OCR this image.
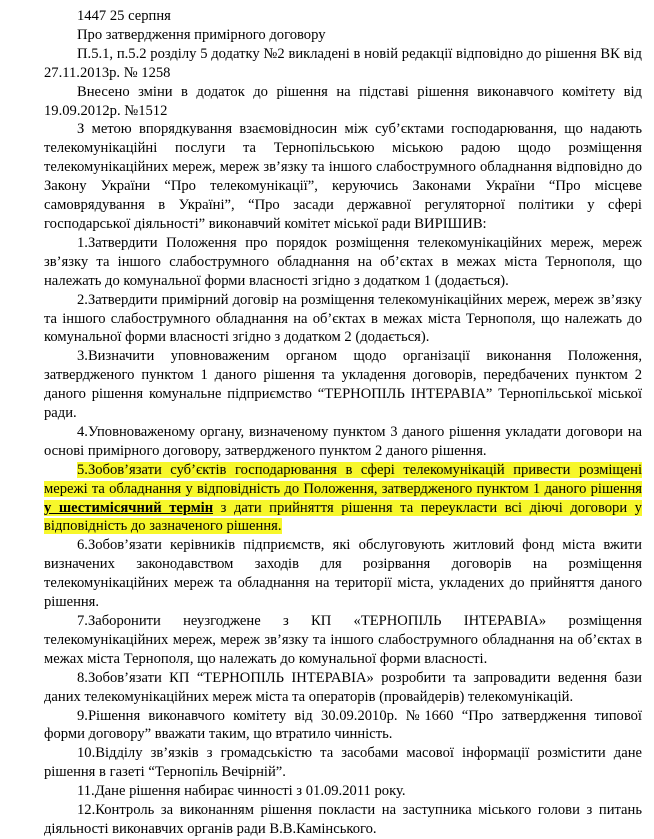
1447 25 серпня

Про затвердження примірного договору

П.5.1, п.5.2 розділу 5 додатку №2 викладені в новій редакції відповідно до рішення ВК від 27.11.2013р. № 1258

Внесено зміни в додаток до рішення на підставі рішення виконавчого комітету від 19.09.2012р. №1512

З метою впорядкування взаємовідносин між суб’єктами господарювання, що надають телекомунікаційні послуги та Тернопільською міською радою щодо розміщення телекомунікаційних мереж, мереж зв’язку та іншого слабострумного обладнання відповідно до Закону України “Про телекомунікації”, керуючись Законами України “Про місцеве самоврядування в Україні”, “Про засади державної регуляторної політики у сфері господарської діяльності” виконавчий комітет міської ради ВИРІШИВ:

1.Затвердити Положення про порядок розміщення телекомунікаційних мереж, мереж зв’язку та іншого слабострумного обладнання на об’єктах в межах міста Тернополя, що належать до комунальної форми власності згідно з додатком 1 (додається).

2.Затвердити примірний договір на розміщення телекомунікаційних мереж, мереж зв’язку та іншого слабострумного обладнання на об’єктах в межах міста Тернополя, що належать до комунальної форми власності згідно з додатком 2 (додається).

3.Визначити уповноваженим органом щодо організації виконання Положення, затвердженого пунктом 1 даного рішення та укладення договорів, передбачених пунктом 2 даного рішення комунальне підприємство “ТЕРНОПІЛЬ ІНТЕРАВІА” Тернопільської міської ради.

4.Уповноваженому органу, визначеному пунктом 3 даного рішення укладати договори на основі примірного договору, затвердженого пунктом 2 даного рішення.

5.Зобов’язати суб’єктів господарювання в сфері телекомунікацій привести розміщені мережі та обладнання у відповідність до Положення, затвердженого пунктом 1 даного рішення у шестимісячний термін з дати прийняття рішення та переукласти всі діючі договори у відповідність до зазначеного рішення.

6.Зобов’язати керівників підприємств, які обслуговують житловий фонд міста вжити визначених законодавством заходів для розірвання договорів на розміщення телекомунікаційних мереж та обладнання на території міста, укладених до прийняття даного рішення.

7.Заборонити неузгоджене з КП «ТЕРНОПІЛЬ ІНТЕРАВІА» розміщення телекомунікаційних мереж, мереж зв’язку та іншого слабострумного обладнання на об’єктах в межах міста Тернополя, що належать до комунальної форми власності.

8.Зобов’язати КП “ТЕРНОПІЛЬ ІНТЕРАВІА» розробити та запровадити ведення бази даних телекомунікаційних мереж міста та операторів (провайдерів) телекомунікацій.

9.Рішення виконавчого комітету від 30.09.2010р. №1660 “Про затвердження типової форми договору” вважати таким, що втратило чинність.

10.Відділу зв’язків з громадськістю та засобами масової інформації розмістити дане рішення в газеті “Тернопіль Вечірній”.

11.Дане рішення набирає чинності з 01.09.2011 року.

12.Контроль за виконанням рішення покласти на заступника міського голови з питань діяльності виконавчих органів ради В.В.Камінського.
